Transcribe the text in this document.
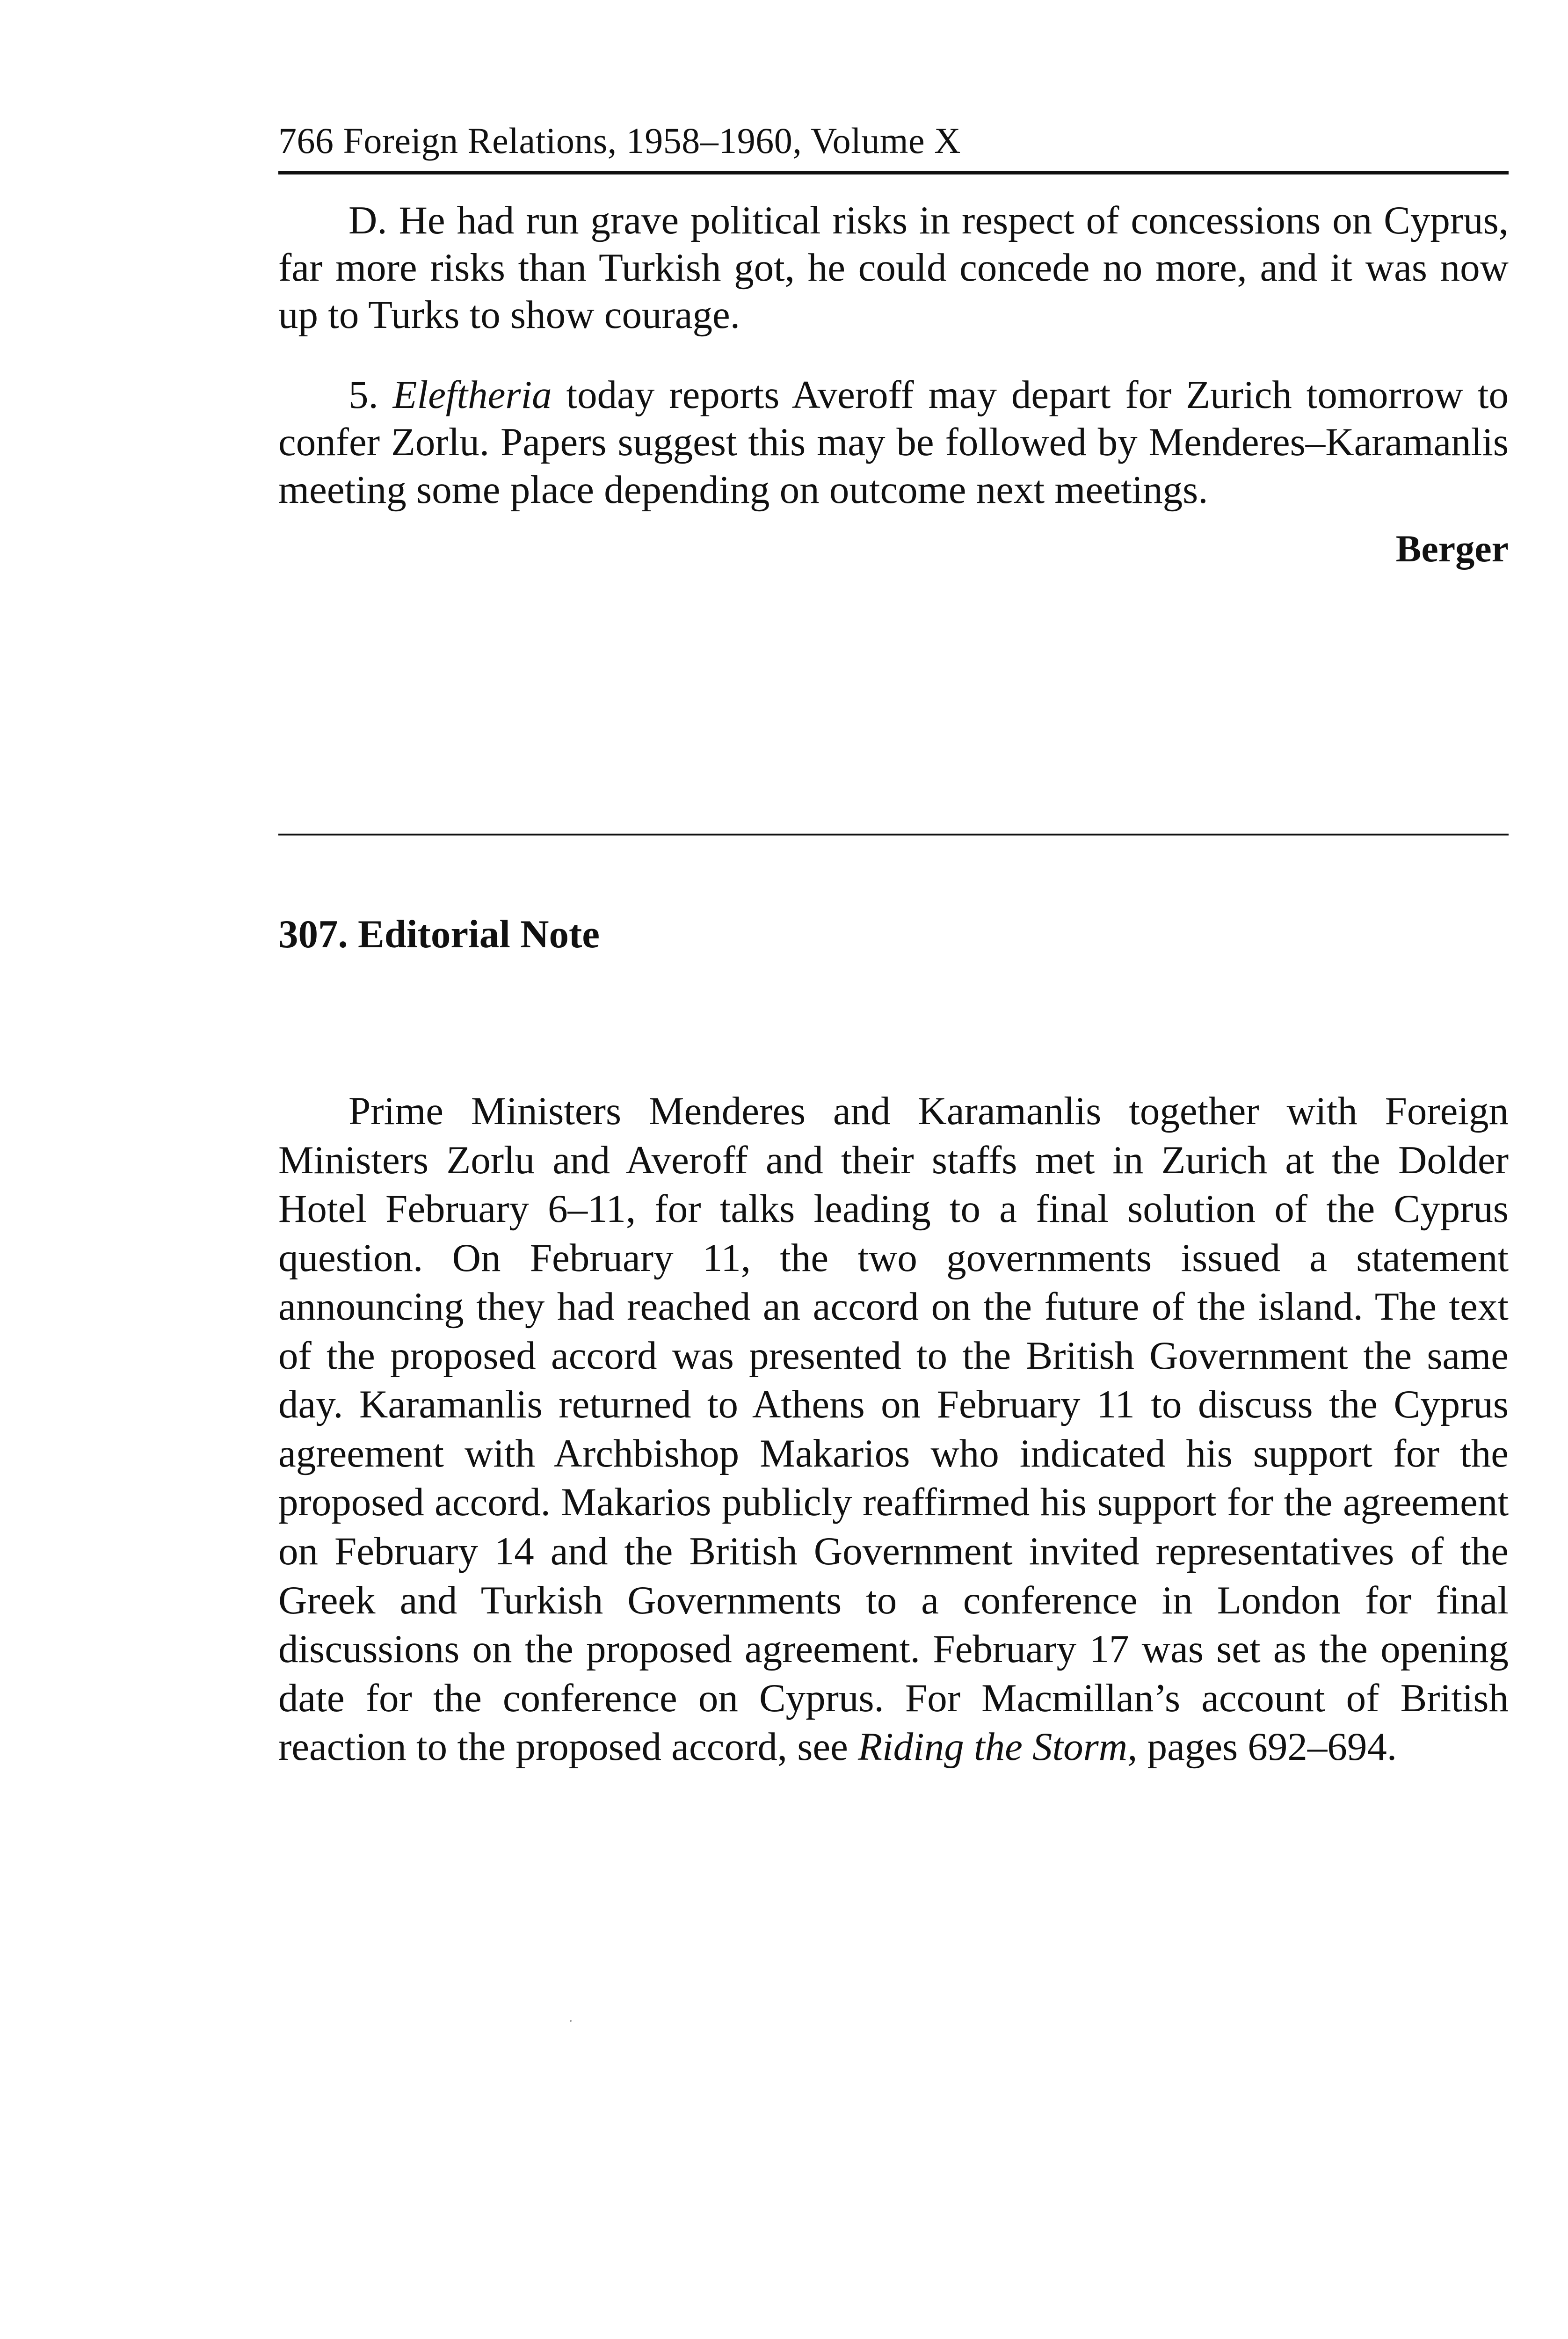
766 Foreign Relations, 1958–1960, Volume X

D. He had run grave political risks in respect of concessions on Cyprus, far more risks than Turkish got, he could concede no more, and it was now up to Turks to show courage.

5. Eleftheria today reports Averoff may depart for Zurich tomorrow to confer Zorlu. Papers suggest this may be followed by Menderes–Karamanlis meeting some place depending on outcome next meetings.

Berger
307. Editorial Note

Prime Ministers Menderes and Karamanlis together with Foreign Ministers Zorlu and Averoff and their staffs met in Zurich at the Dolder Hotel February 6–11, for talks leading to a final solution of the Cyprus question. On February 11, the two governments issued a statement announcing they had reached an accord on the future of the island. The text of the proposed accord was presented to the British Government the same day. Karamanlis returned to Athens on February 11 to discuss the Cyprus agreement with Archbishop Makarios who indicated his support for the proposed accord. Makarios publicly reaffirmed his support for the agreement on February 14 and the British Government invited representatives of the Greek and Turkish Governments to a conference in London for final discussions on the proposed agreement. February 17 was set as the opening date for the conference on Cyprus. For Macmillan’s account of British reaction to the proposed accord, see Riding the Storm, pages 692–694.
